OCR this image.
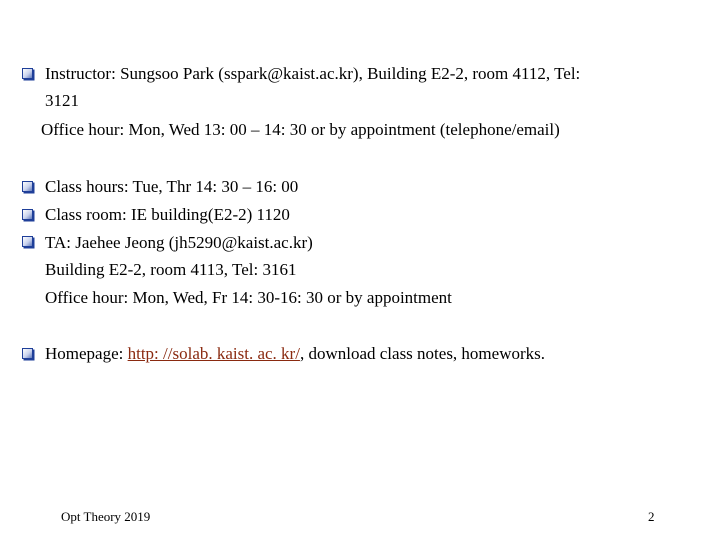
Instructor: Sungsoo Park (sspark@kaist.ac.kr), Building E2-2, room 4112, Tel:
3121
Office hour: Mon, Wed 13: 00 – 14: 30 or by appointment (telephone/email)
Class hours: Tue, Thr 14: 30 – 16: 00
Class room: IE building(E2-2) 1120
TA: Jaehee Jeong (jh5290@kaist.ac.kr)
Building E2-2, room 4113, Tel: 3161
Office hour: Mon, Wed, Fr 14: 30-16: 30 or by appointment
Homepage: http: //solab. kaist. ac. kr/, download class notes, homeworks.
Opt Theory 2019	2
